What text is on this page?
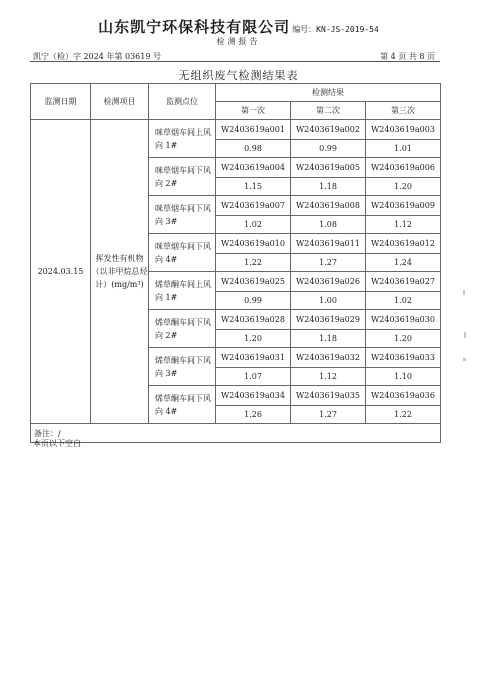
山东凯宁环保科技有限公司 编号：KN-JS-2019-54
检测报告
凯宁（检）字 2024 年第 03619 号	第 4 页 共 8 页
无组织废气检测结果表
监测日期	检测项目	监测点位	检测结果		
			第一次	第二次	第三次
2024.03.15	挥发性有机物（以非甲烷总烃计）(mg/m³)	咪草烟车间上风向 1#	W2403619a001	W2403619a002	W2403619a003
			0.98	0.99	1.01
		咪草烟车间下风向 2#	W2403619a004	W2403619a005	W2403619a006
			1.15	1.18	1.20
		咪草烟车间下风向 3#	W2403619a007	W2403619a008	W2403619a009
			1.02	1.08	1.12
		咪草烟车间下风向 4#	W2403619a010	W2403619a011	W2403619a012
			1.22	1.27	1.24
		烯草酮车间上风向 1#	W2403619a025	W2403619a026	W2403619a027
			0.99	1.00	1.02
		烯草酮车间下风向 2#	W2403619a028	W2403619a029	W2403619a030
			1.20	1.18	1.20
		烯草酮车间下风向 3#	W2403619a031	W2403619a032	W2403619a033
			1.07	1.12	1.10
		烯草酮车间下风向 4#	W2403619a034	W2403619a035	W2403619a036
			1.26	1.27	1.22
备注：/					
本页以下空白
